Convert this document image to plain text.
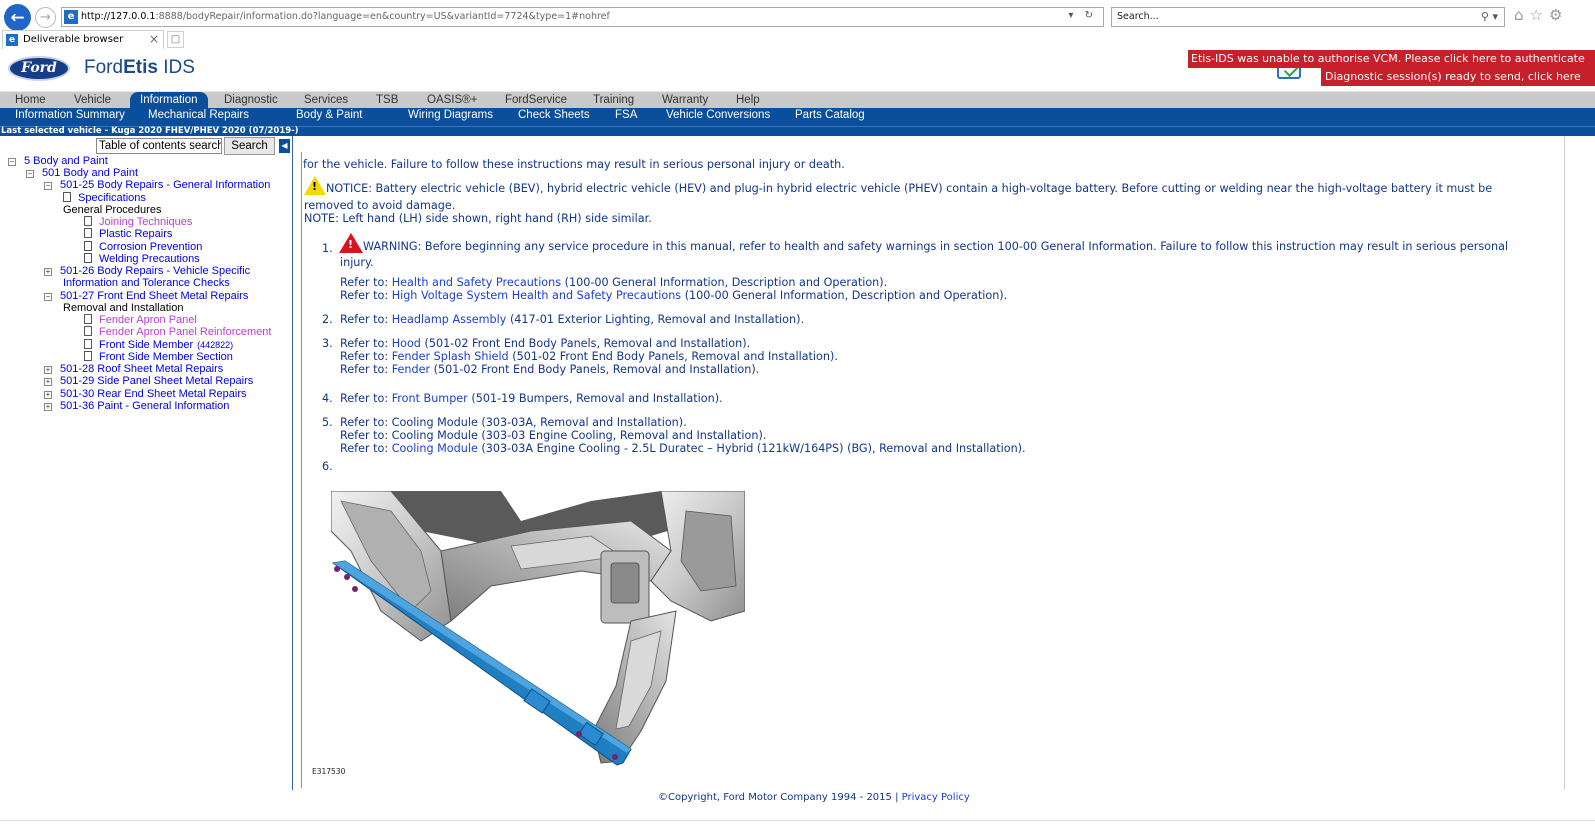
←	→	e http://127.0.0.1:8888/bodyRepair/information.do?language=en&country=US&variantId=7724&type=1#nohref	▾ ↻ Search...	⚲ ▾ ⌂☆⚙
e Deliverable browser ×	□
Ford	FordEtis IDS	Etis-IDS was unable to authorise VCM. Please click here to authenticate
Diagnostic session(s) ready to send, click here
Home Vehicle	Information	Diagnostic Services TSB OASIS®+ FordService Training Warranty Help
Information Summary Mechanical Repairs	Body & Paint	Wiring Diagrams Check Sheets FSA Vehicle Conversions Parts Catalog
Last selected vehicle - Kuga 2020 FHEV/PHEV 2020 (07/2019-)
Table of contents search
Search	◀
− 5 Body and Paint
− 501 Body and Paint
− 501-25 Body Repairs - General Information
Specifications
General Procedures
Joining Techniques
Plastic Repairs
Corrosion Prevention
Welding Precautions
+ 501-26 Body Repairs - Vehicle Specific
Information and Tolerance Checks
− 501-27 Front End Sheet Metal Repairs
Removal and Installation
Fender Apron Panel
Fender Apron Panel Reinforcement
Front Side Member (442822)
Front Side Member Section
+ 501-28 Roof Sheet Metal Repairs
+ 501-29 Side Panel Sheet Metal Repairs
+ 501-30 Rear End Sheet Metal Repairs
+ 501-36 Paint - General Information
for the vehicle. Failure to follow these instructions may result in serious personal injury or death.
!NOTICE: Battery electric vehicle (BEV), hybrid electric vehicle (HEV) and plug-in hybrid electric vehicle (PHEV) contain a high-voltage battery. Before cutting or welding near the high-voltage battery it must be
removed to avoid damage.
NOTE: Left hand (LH) side shown, right hand (RH) side similar.
1.
!	WARNING: Before beginning any service procedure in this manual, refer to health and safety warnings in section 100-00 General Information. Failure to follow this instruction may result in serious personal
injury.
Refer to: Health and Safety Precautions (100-00 General Information, Description and Operation).
Refer to: High Voltage System Health and Safety Precautions (100-00 General Information, Description and Operation).
2. Refer to: Headlamp Assembly (417-01 Exterior Lighting, Removal and Installation).
3. Refer to: Hood (501-02 Front End Body Panels, Removal and Installation).
Refer to: Fender Splash Shield (501-02 Front End Body Panels, Removal and Installation).
Refer to: Fender (501-02 Front End Body Panels, Removal and Installation).
4. Refer to: Front Bumper (501-19 Bumpers, Removal and Installation).
5. Refer to: Cooling Module (303-03A, Removal and Installation).
Refer to: Cooling Module (303-03 Engine Cooling, Removal and Installation).
Refer to: Cooling Module (303-03A Engine Cooling - 2.5L Duratec – Hybrid (121kW/164PS) (BG), Removal and Installation).
6.
E317530
©Copyright, Ford Motor Company 1994 - 2015 | Privacy Policy
